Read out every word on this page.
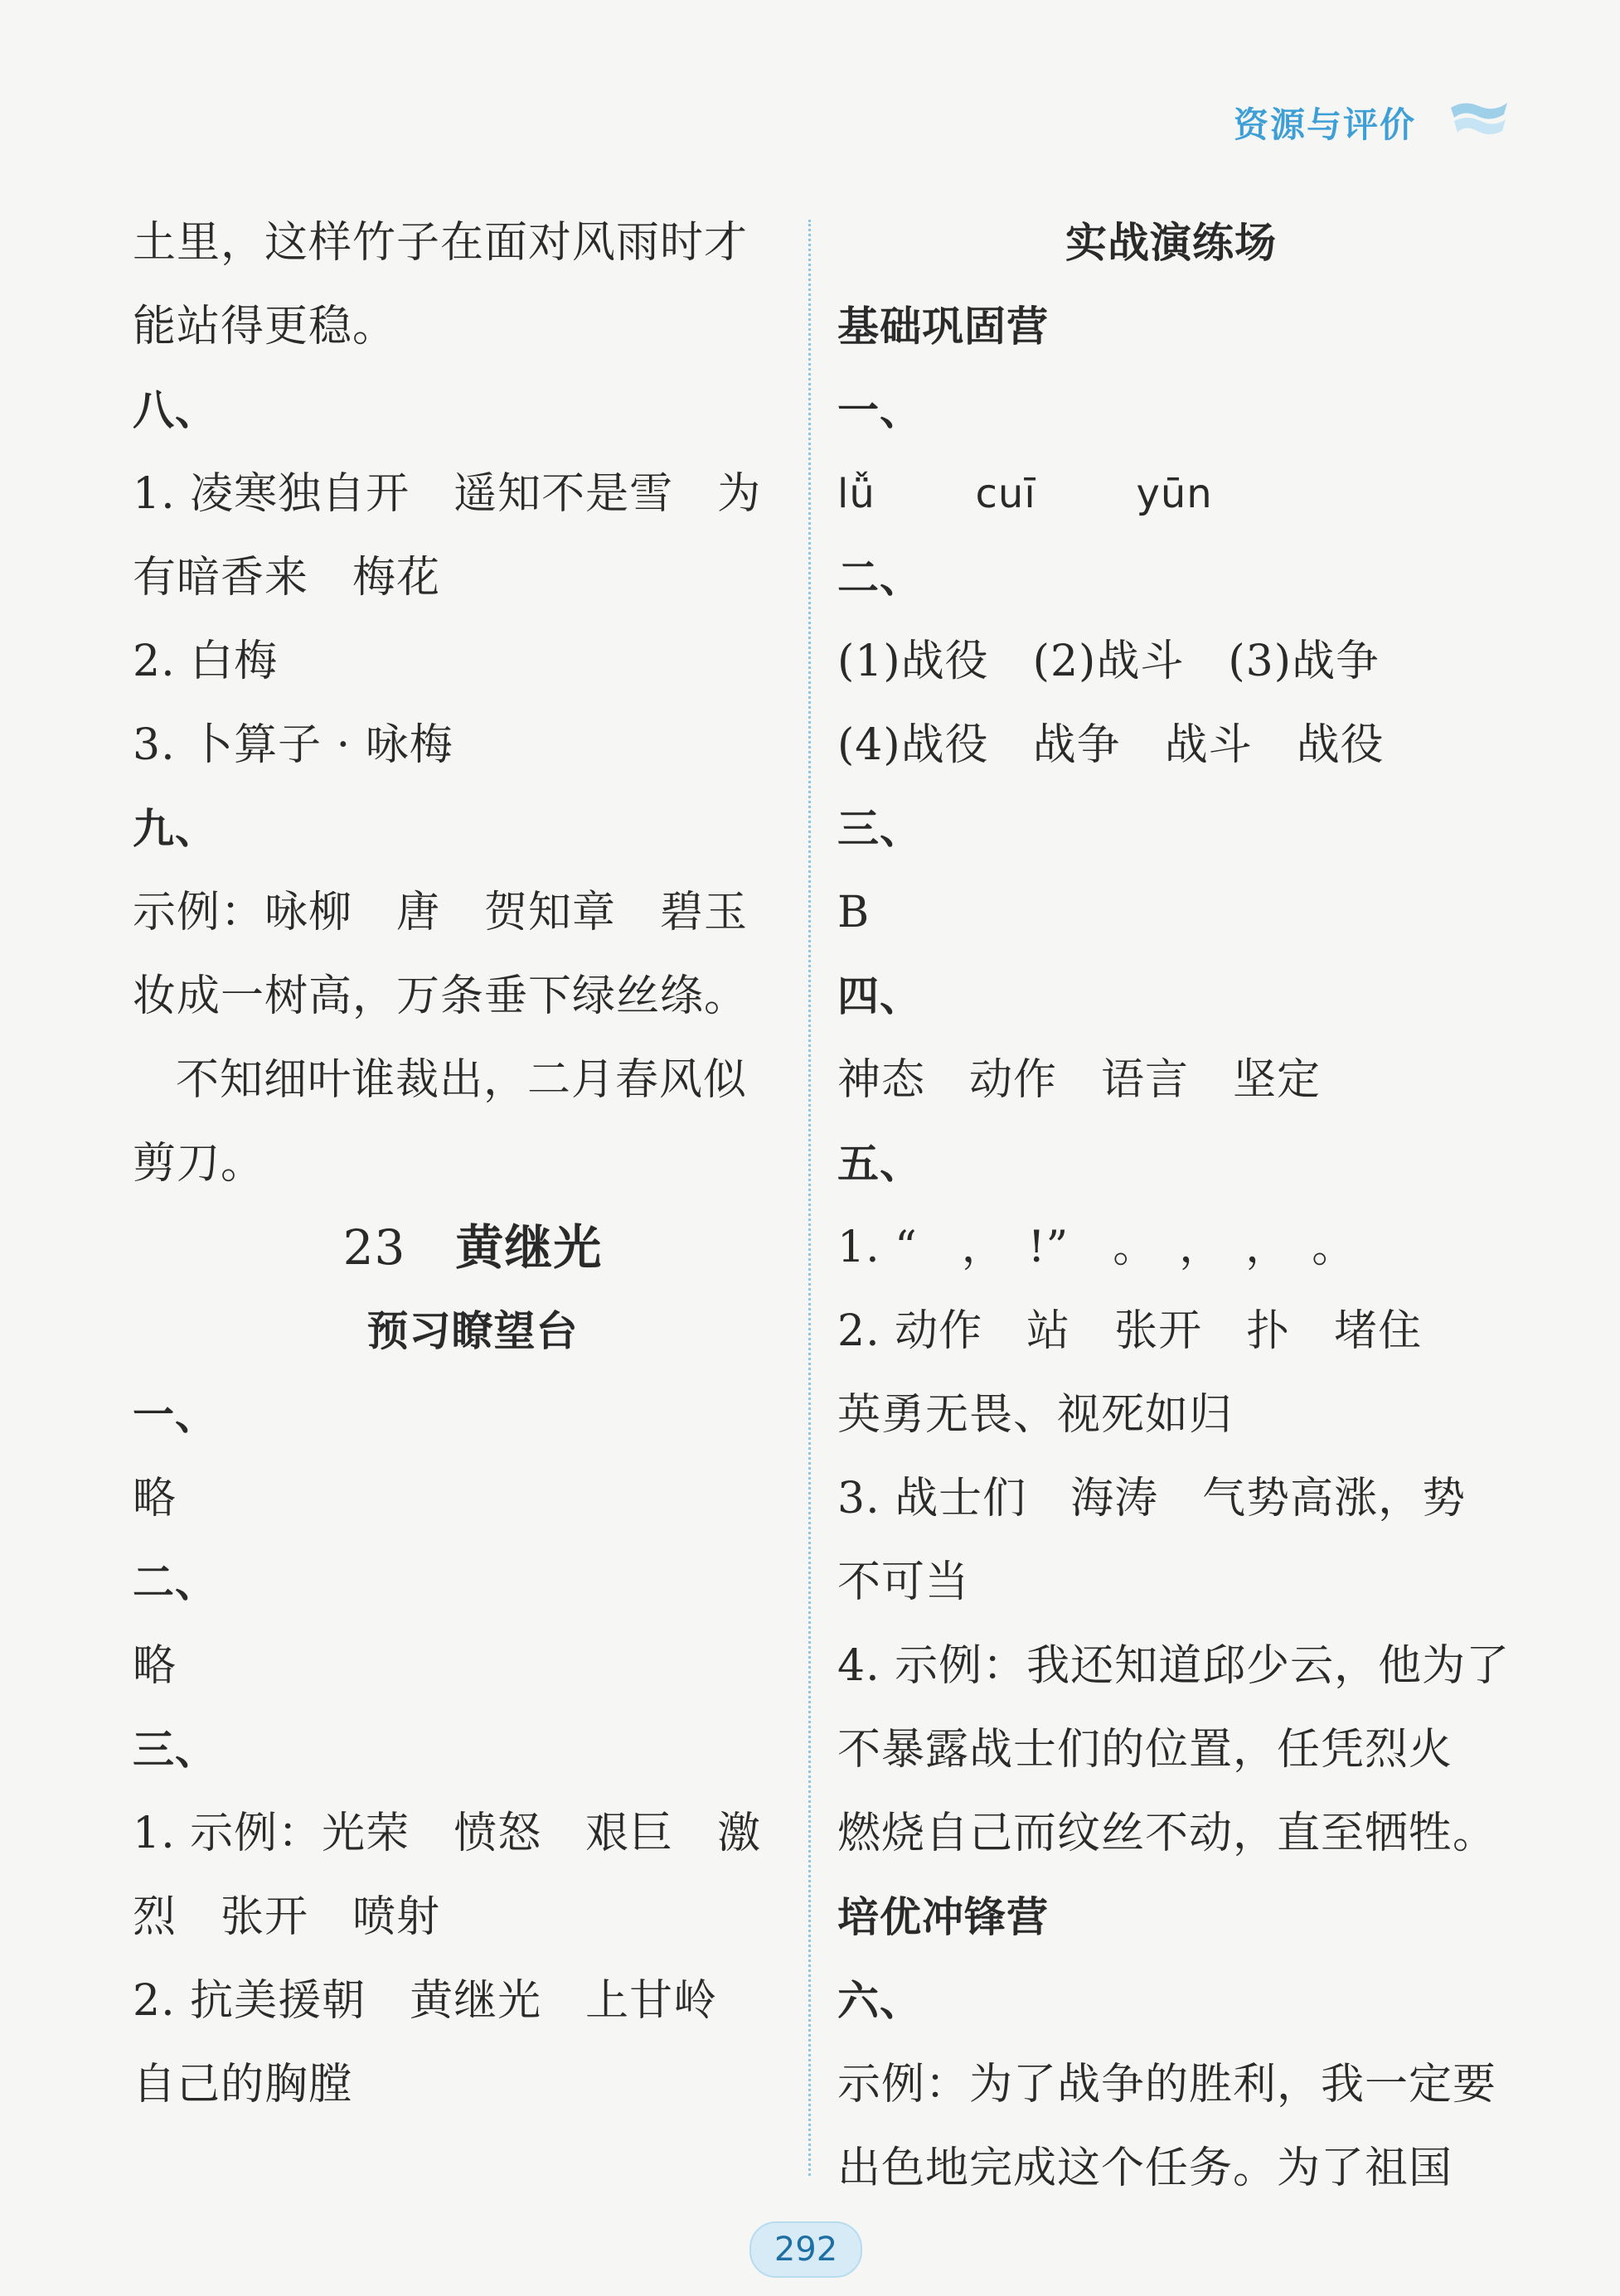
资源与评价
土里，这样竹子在面对风雨时才
能站得更稳。
八、
1. 凌寒独自开　遥知不是雪　为
有暗香来　梅花
2. 白梅
3. 卜算子 · 咏梅
九、
示例：咏柳　唐　贺知章　碧玉
妆成一树高，万条垂下绿丝绦。
不知细叶谁裁出，二月春风似
剪刀。
23 黄继光
预习瞭望台
一、
略
二、
略
三、
1. 示例：光荣　愤怒　艰巨　激
烈　张开　喷射
2. 抗美援朝　黄继光　上甘岭
自己的胸膛
实战演练场
基础巩固营
一、
lǚ   cuī   yūn
二、
(1)战役　(2)战斗　(3)战争
(4)战役　战争　战斗　战役
三、
B
四、
神态　动作　语言　坚定
五、
1. “　，　!”　。　，　，　。
2. 动作　站　张开　扑　堵住
英勇无畏、视死如归
3. 战士们　海涛　气势高涨，势
不可当
4. 示例：我还知道邱少云，他为了
不暴露战士们的位置，任凭烈火
燃烧自己而纹丝不动，直至牺牲。
培优冲锋营
六、
示例：为了战争的胜利，我一定要
出色地完成这个任务。为了祖国
292
